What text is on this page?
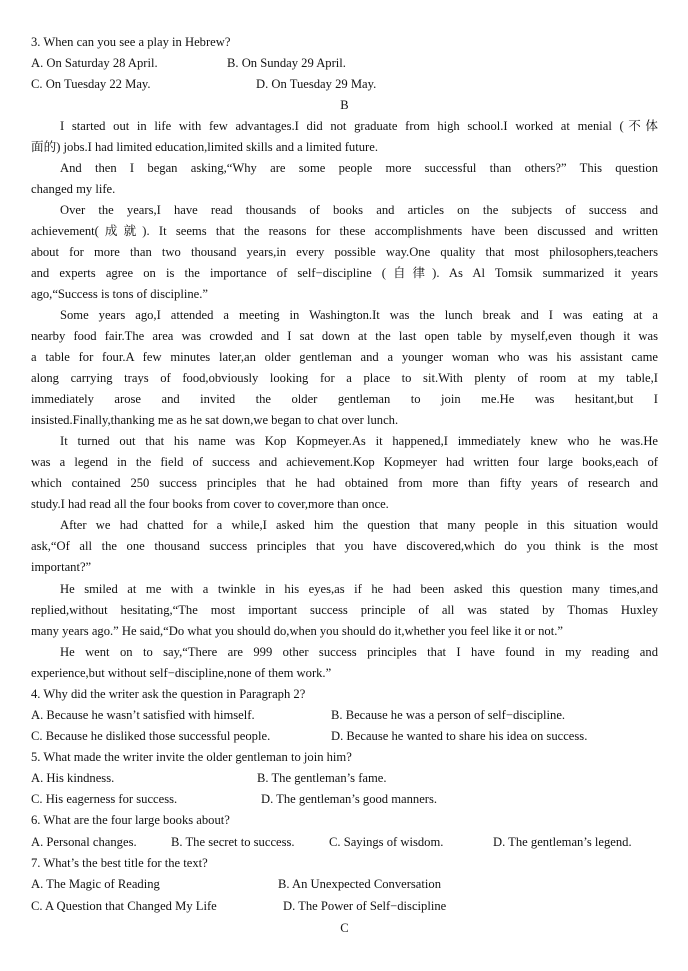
3. When can you see a play in Hebrew?

A. On Saturday 28 April.	B. On Sunday 29 April.
C. On Tuesday 22 May.	D. On Tuesday 29 May.

B

I started out in life with few advantages.I did not graduate from high school.I worked at menial (不体

面的) jobs.I had limited education,limited skills and a limited future.

And then I began asking,“Why are some people more successful than others?” This question

changed my life.

Over the years,I have read thousands of books and articles on the subjects of success and

achievement(成就). It seems that the reasons for these accomplishments have been discussed and written

about for more than two thousand years,in every possible way.One quality that most philosophers,teachers

and experts agree on is the importance of self−discipline (自律). As Al Tomsik summarized it years

ago,“Success is tons of discipline.”

Some years ago,I attended a meeting in Washington.It was the lunch break and I was eating at a

nearby food fair.The area was crowded and I sat down at the last open table by myself,even though it was

a table for four.A few minutes later,an older gentleman and a younger woman who was his assistant came

along carrying trays of food,obviously looking for a place to sit.With plenty of room at my table,I

immediately arose and invited the older gentleman to join me.He was hesitant,but I

insisted.Finally,thanking me as he sat down,we began to chat over lunch.

It turned out that his name was Kop Kopmeyer.As it happened,I immediately knew who he was.He

was a legend in the field of success and achievement.Kop Kopmeyer had written four large books,each of

which contained 250 success principles that he had obtained from more than fifty years of research and

study.I had read all the four books from cover to cover,more than once.

After we had chatted for a while,I asked him the question that many people in this situation would

ask,“Of all the one thousand success principles that you have discovered,which do you think is the most

important?”

He smiled at me with a twinkle in his eyes,as if he had been asked this question many times,and

replied,without hesitating,“The most important success principle of all was stated by Thomas Huxley

many years ago.” He said,“Do what you should do,when you should do it,whether you feel like it or not.”

He went on to say,“There are 999 other success principles that I have found in my reading and

experience,but without self−discipline,none of them work.”

4. Why did the writer ask the question in Paragraph 2?

A. Because he wasn’t satisfied with himself.	B. Because he was a person of self−discipline.
C. Because he disliked those successful people.	D. Because he wanted to share his idea on success.

5. What made the writer invite the older gentleman to join him?

A. His kindness.	B. The gentleman’s fame.
C. His eagerness for success.	D. The gentleman’s good manners.

6. What are the four large books about?

A. Personal changes.	B. The secret to success.	C. Sayings of wisdom.	D. The gentleman’s legend.

7. What’s the best title for the text?

A. The Magic of Reading	B. An Unexpected Conversation
C. A Question that Changed My Life	D. The Power of Self−discipline

C
